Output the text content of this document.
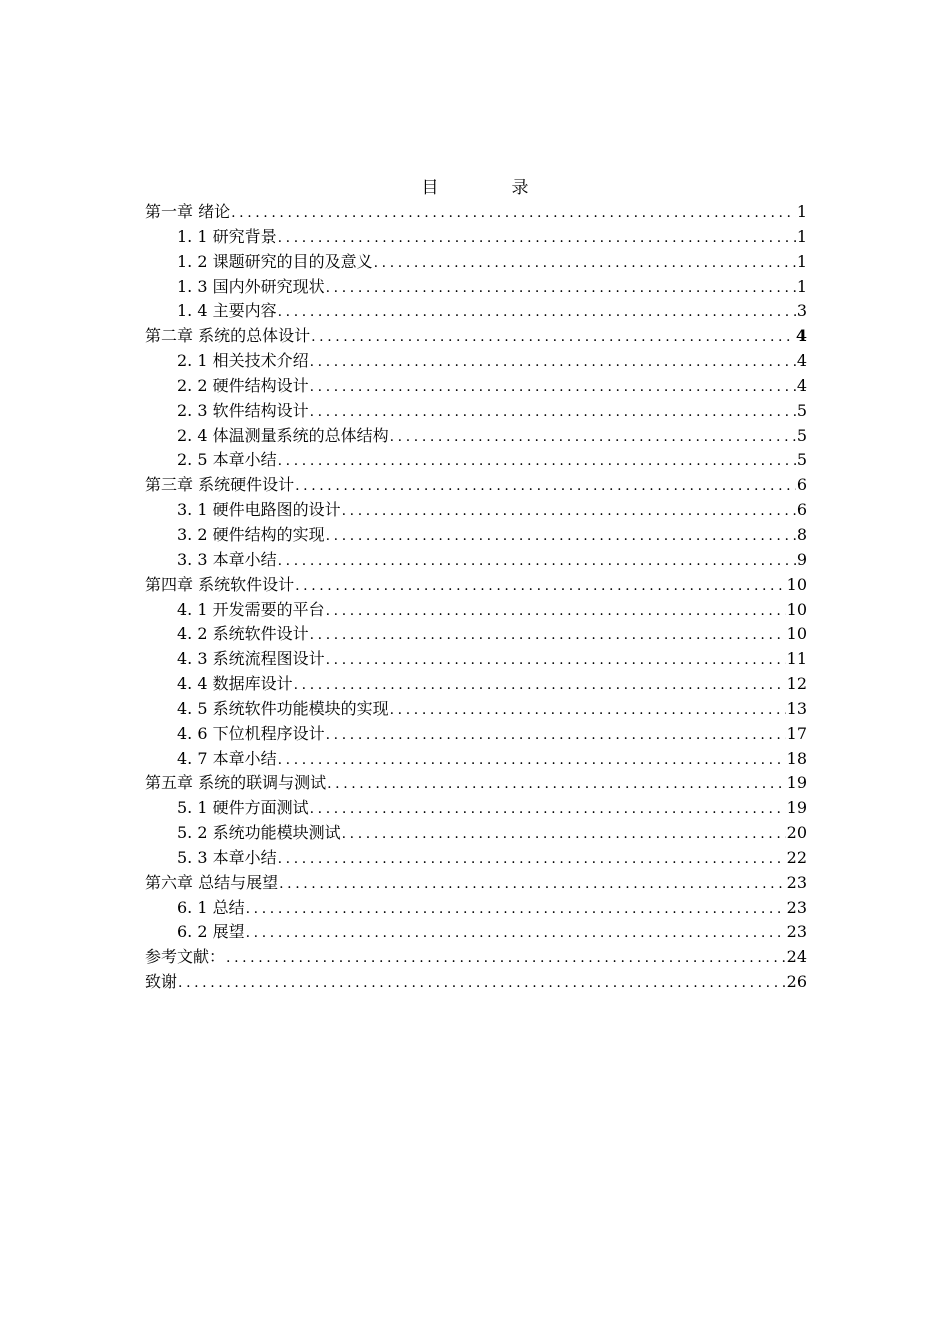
目　录
第一章 绪论 .....	1
1. 1 研究背景 .....	1
1. 2 课题研究的目的及意义 .....	1
1. 3 国内外研究现状 .....	1
1. 4 主要内容 .....	3
第二章 系统的总体设计 .....	4
2. 1 相关技术介绍 .....	4
2. 2 硬件结构设计 .....	4
2. 3 软件结构设计 .....	5
2. 4 体温测量系统的总体结构 .....	5
2. 5 本章小结 .....	5
第三章 系统硬件设计 .....	6
3. 1 硬件电路图的设计 .....	6
3. 2 硬件结构的实现 .....	8
3. 3 本章小结 .....	9
第四章 系统软件设计 .....	10
4. 1 开发需要的平台 .....	10
4. 2 系统软件设计 .....	10
4. 3 系统流程图设计 .....	11
4. 4 数据库设计 .....	12
4. 5 系统软件功能模块的实现 .....	13
4. 6 下位机程序设计 .....	17
4. 7 本章小结 .....	18
第五章 系统的联调与测试 .....	19
5. 1 硬件方面测试 .....	19
5. 2 系统功能模块测试 .....	20
5. 3 本章小结 .....	22
第六章 总结与展望 .....	23
6. 1 总结 .....	23
6. 2 展望 .....	23
参考文献： .....	24
致谢 .....	26
